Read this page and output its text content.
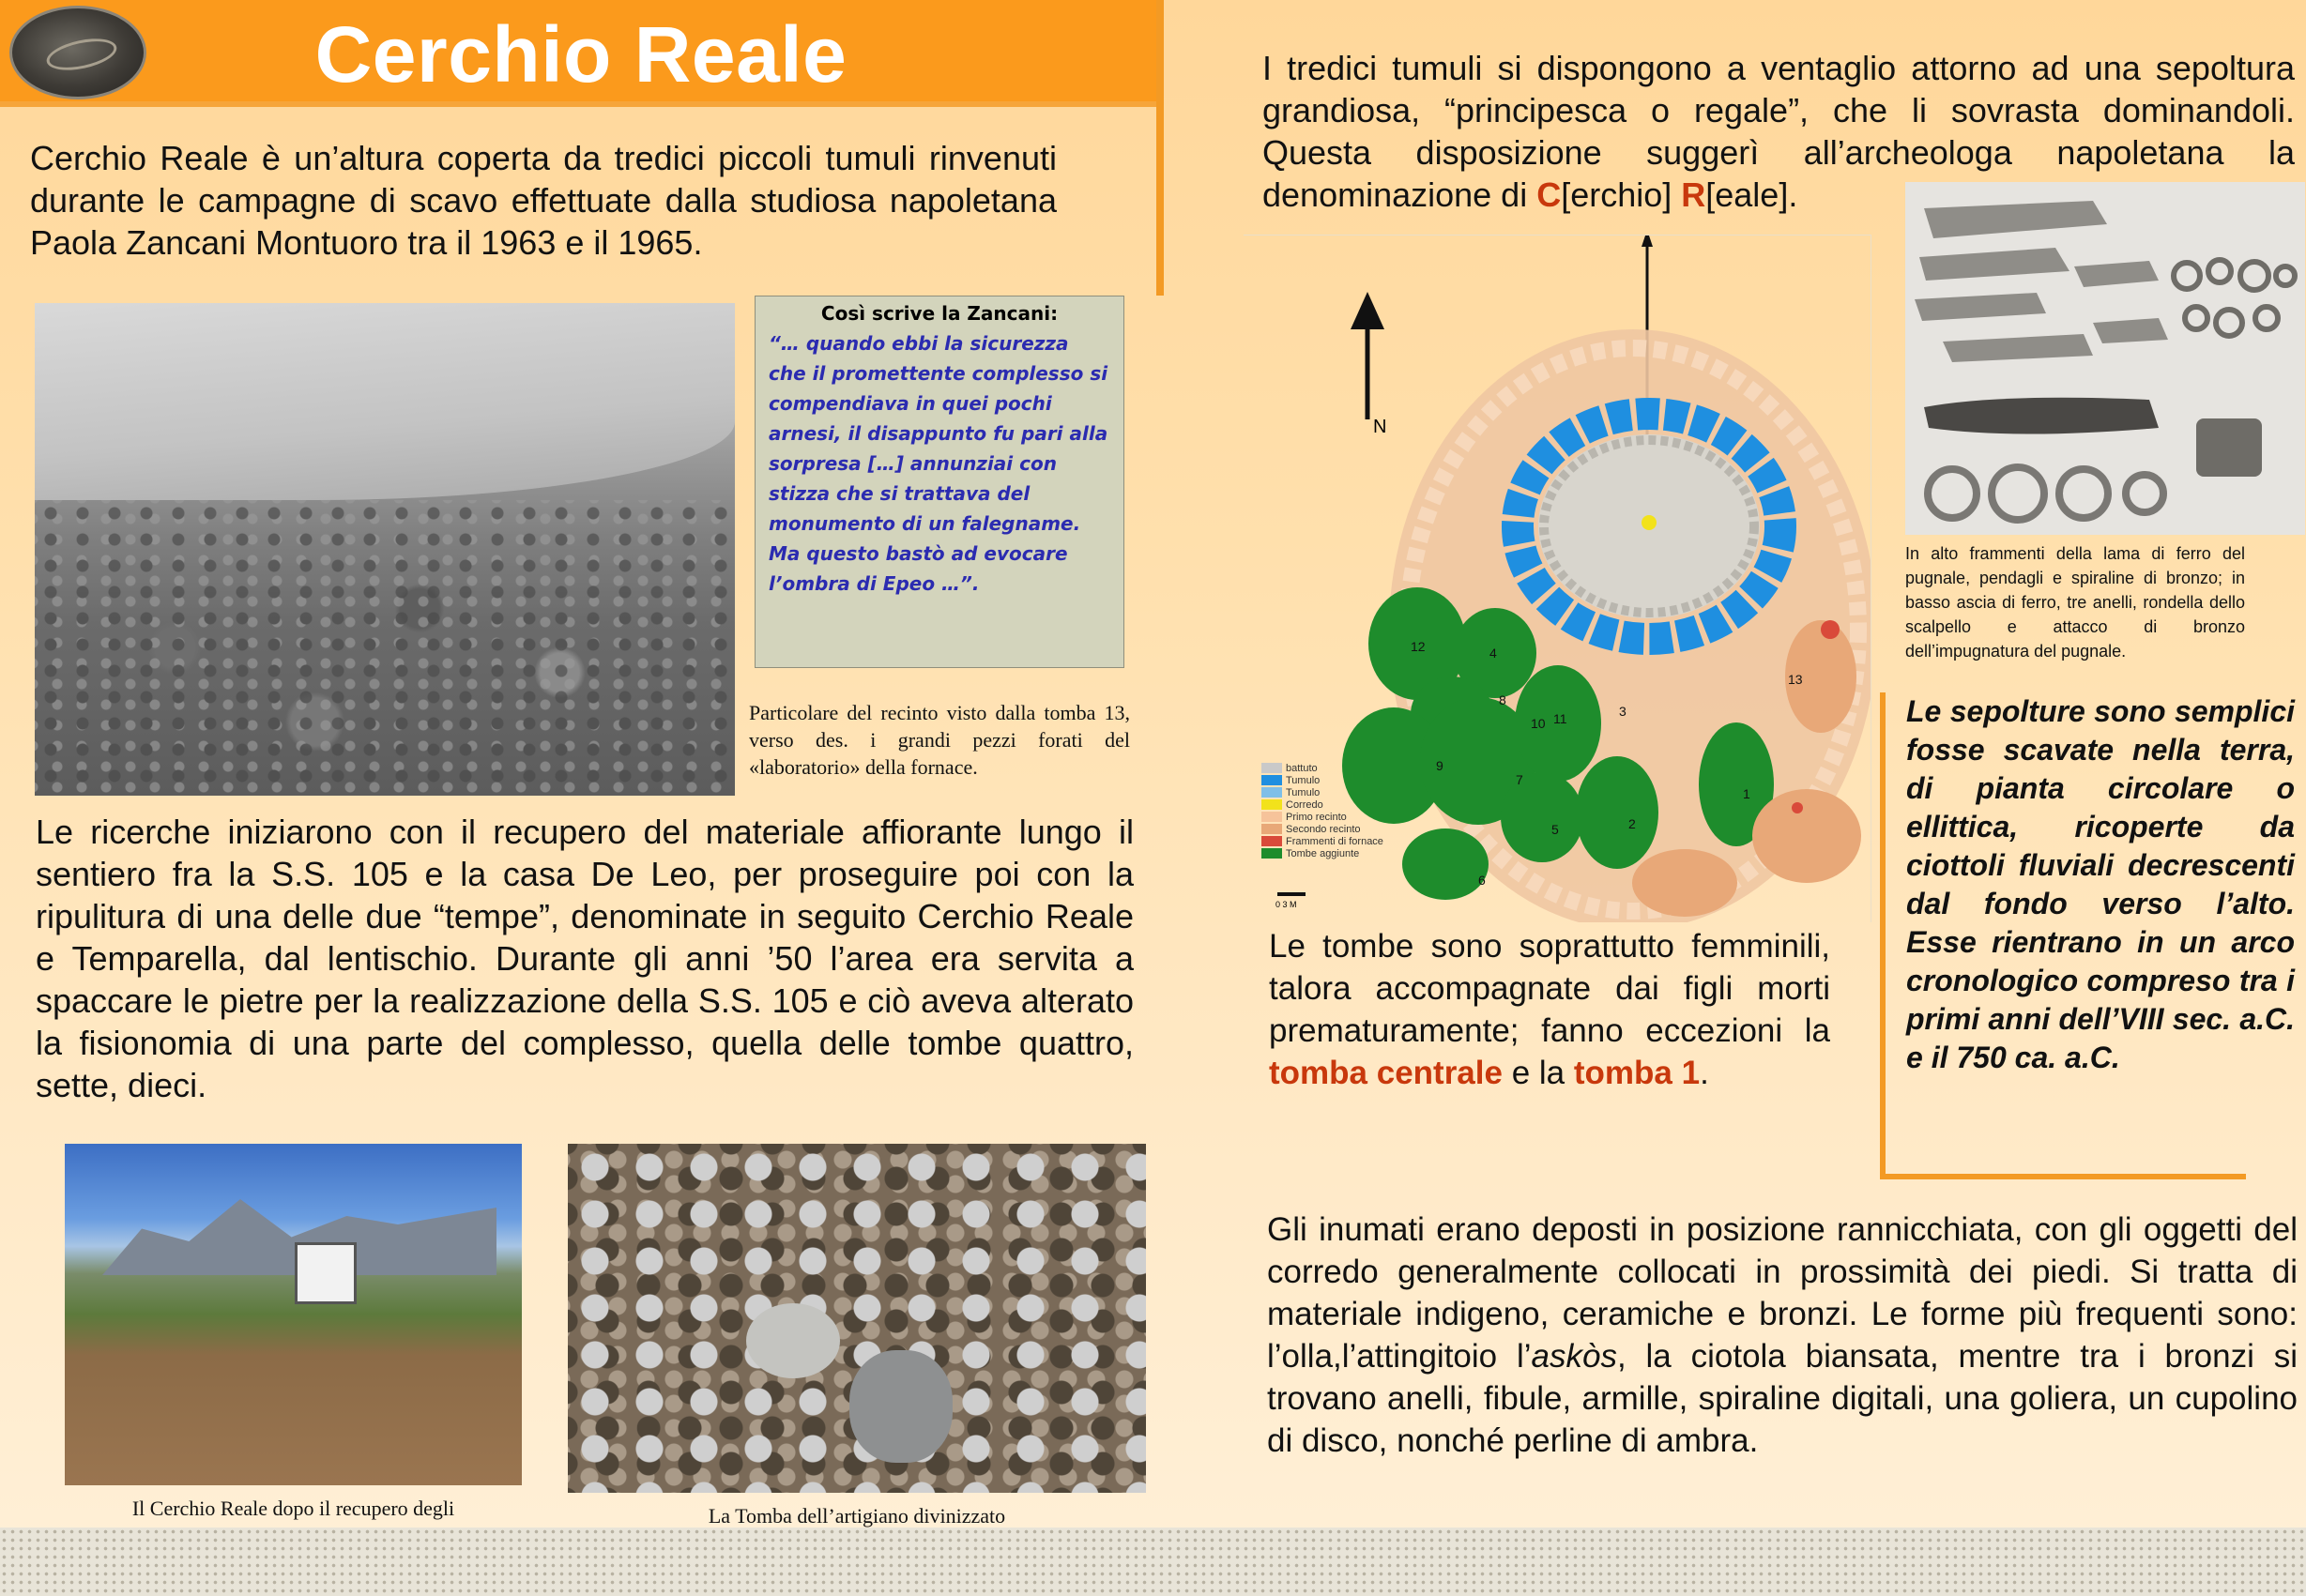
Cerchio Reale
Cerchio Reale è un’altura coperta da tredici piccoli tumuli rinvenuti durante le campagne di scavo effettuate dalla studiosa napoletana Paola Zancani Montuoro tra il 1963 e il 1965.
Così scrive la Zancani:
“… quando ebbi la sicurezza che il promettente complesso si compendiava in quei pochi arnesi, il disappunto fu pari alla sorpresa […] annunziai con stizza che si trattava del monumento di un falegname. Ma questo bastò ad evocare l’ombra di Epeo …”.
Particolare del recinto visto dalla tomba 13, verso des. i grandi pezzi forati del «laboratorio» della fornace.
Le ricerche iniziarono con il recupero del materiale affiorante lungo il sentiero fra la S.S. 105 e la casa De Leo, per proseguire poi con la ripulitura di una delle due “tempe”, denominate in seguito Cerchio Reale e Temparella, dal lentischio. Durante gli anni ’50 l’area era servita a spaccare le pietre per la realizzazione della S.S. 105 e ciò aveva alterato la fisionomia di una parte del complesso, quella delle tombe quattro, sette, dieci.
Il Cerchio Reale dopo il recupero degli	La Tomba dell’artigiano divinizzato
I tredici tumuli si dispongono a ventaglio attorno ad una sepoltura grandiosa, “principesca o regale”, che li sovrasta dominandoli. Questa disposizione suggerì all’archeologa napoletana la denominazione di C[erchio] R[eale].
N
12	4
8
10 11	3
13
9
7
5	2
1
6
0 3 M
battuto
Tumulo
Tumulo
Corredo
Primo recinto
Secondo recinto
Frammenti di fornace
Tombe aggiunte
Le tombe sono soprattutto femminili, talora accompagnate dai figli morti prematuramente; fanno eccezioni la tomba centrale e la tomba 1.
In alto frammenti della lama di ferro del pugnale, pendagli e spiraline di bronzo; in basso ascia di ferro, tre anelli, rondella dello scalpello e attacco di bronzo dell’impugnatura del pugnale.
Le sepolture sono semplici fosse scavate nella terra, di pianta circolare o ellittica, ricoperte da ciottoli fluviali decrescenti dal fondo verso l’alto. Esse rientrano in un arco cronologico compreso tra i primi anni dell’VIII sec. a.C. e il 750 ca. a.C.
Gli inumati erano deposti in posizione rannicchiata, con gli oggetti del corredo generalmente collocati in prossimità dei piedi. Si tratta di materiale indigeno, ceramiche e bronzi. Le forme più frequenti sono: l’olla,l’attingitoio l’askòs, la ciotola biansata, mentre tra i bronzi si trovano anelli, fibule, armille, spiraline digitali, una goliera, un cupolino di disco, nonché perline di ambra.
